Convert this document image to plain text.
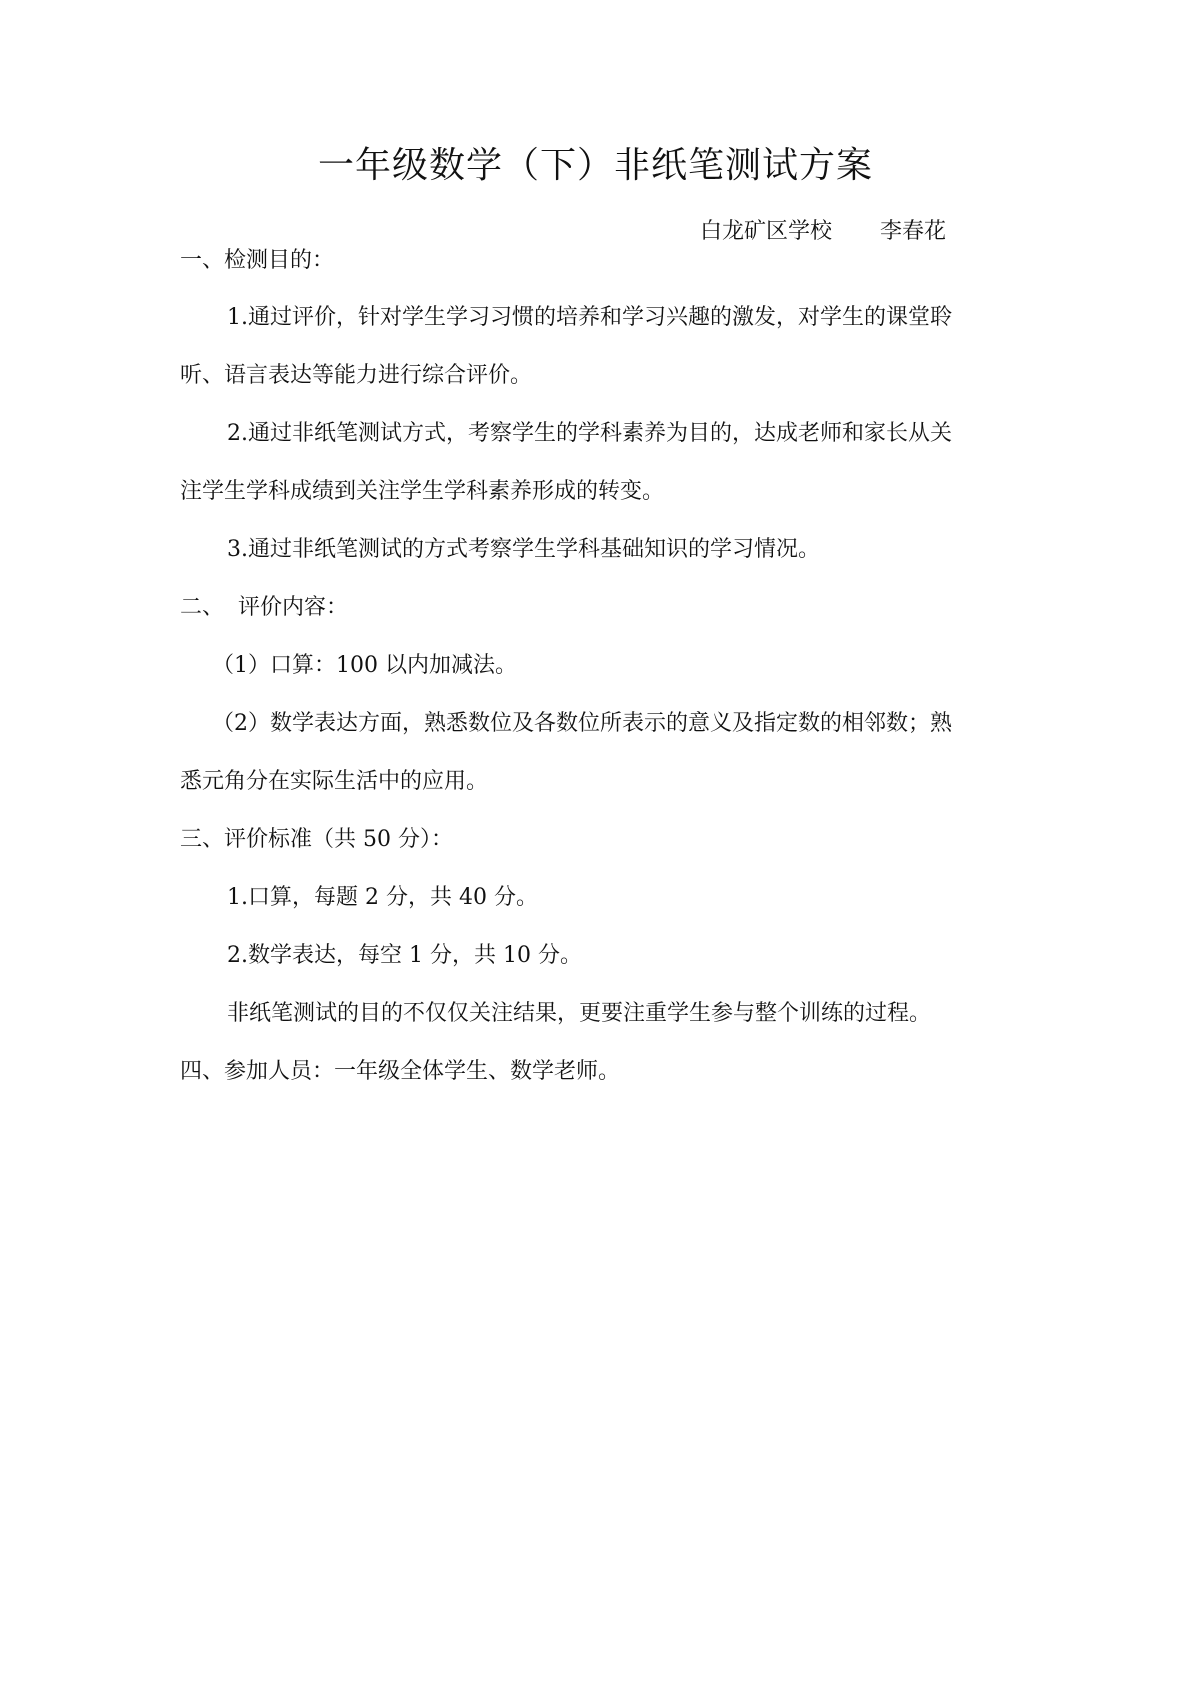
一年级数学（下）非纸笔测试方案
白龙矿区学校 李春花
一、检测目的：
1.通过评价，针对学生学习习惯的培养和学习兴趣的激发，对学生的课堂聆
听、语言表达等能力进行综合评价。
2.通过非纸笔测试方式，考察学生的学科素养为目的，达成老师和家长从关
注学生学科成绩到关注学生学科素养形成的转变。
3.通过非纸笔测试的方式考察学生学科基础知识的学习情况。
二、 评价内容：
（1）口算：100 以内加减法。
（2）数学表达方面，熟悉数位及各数位所表示的意义及指定数的相邻数；熟
悉元角分在实际生活中的应用。
三、评价标准（共 50 分）：
1.口算，每题 2 分，共 40 分。
2.数学表达，每空 1 分，共 10 分。
非纸笔测试的目的不仅仅关注结果，更要注重学生参与整个训练的过程。
四、参加人员：一年级全体学生、数学老师。
